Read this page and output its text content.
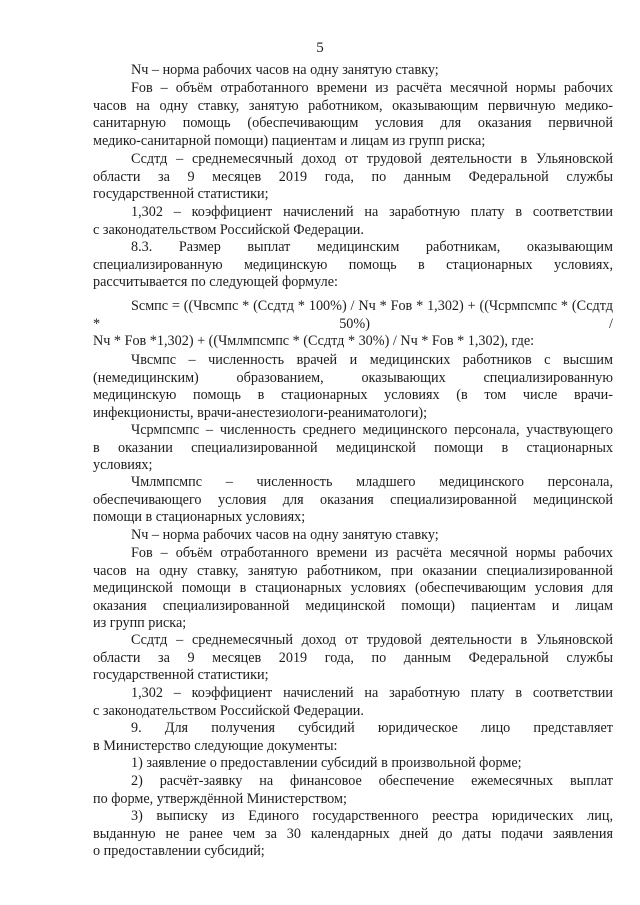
5
Nч – норма рабочих часов на одну занятую ставку;
Fов – объём отработанного времени из расчёта месячной нормы рабочих
часов на одну ставку, занятую работником, оказывающим первичную медико-
санитарную помощь (обеспечивающим условия для оказания первичной
медико-санитарной помощи) пациентам и лицам из групп риска;
Ссдтд – среднемесячный доход от трудовой деятельности в Ульяновской
области за 9 месяцев 2019 года, по данным Федеральной службы
государственной статистики;
1,302 – коэффициент начислений на заработную плату в соответствии
с законодательством Российской Федерации.
8.3. Размер выплат медицинским работникам, оказывающим
специализированную медицинскую помощь в стационарных условиях,
рассчитывается по следующей формуле:
Sсмпс = ((Чвсмпс * (Сcдтд * 100%) / Nч * Fов * 1,302) + ((Чсрмпсмпс * (Ссдтд * 50%) /
Nч * Fов *1,302) + ((Чмлмпсмпс * (Ссдтд * 30%) / Nч * Fов * 1,302), где:
Чвсмпс – численность врачей и медицинских работников с высшим
(немедицинским) образованием, оказывающих специализированную
медицинскую помощь в стационарных условиях (в том числе врачи-
инфекционисты, врачи-анестезиологи-реаниматологи);
Чсрмпсмпс – численность среднего медицинского персонала, участвующего
в оказании специализированной медицинской помощи в стационарных
условиях;
Чмлмпсмпс – численность младшего медицинского персонала,
обеспечивающего условия для оказания специализированной медицинской
помощи в стационарных условиях;
Nч – норма рабочих часов на одну занятую ставку;
Fов – объём отработанного времени из расчёта месячной нормы рабочих
часов на одну ставку, занятую работником, при оказании специализированной
медицинской помощи в стационарных условиях (обеспечивающим условия для
оказания специализированной медицинской помощи) пациентам и лицам
из групп риска;
Ссдтд – среднемесячный доход от трудовой деятельности в Ульяновской
области за 9 месяцев 2019 года, по данным Федеральной службы
государственной статистики;
1,302 – коэффициент начислений на заработную плату в соответствии
с законодательством Российской Федерации.
9. Для получения субсидий юридическое лицо представляет
в Министерство следующие документы:
1) заявление о предоставлении субсидий в произвольной форме;
2) расчёт-заявку на финансовое обеспечение ежемесячных выплат
по форме, утверждённой Министерством;
3) выписку из Единого государственного реестра юридических лиц,
выданную не ранее чем за 30 календарных дней до даты подачи заявления
о предоставлении субсидий;
